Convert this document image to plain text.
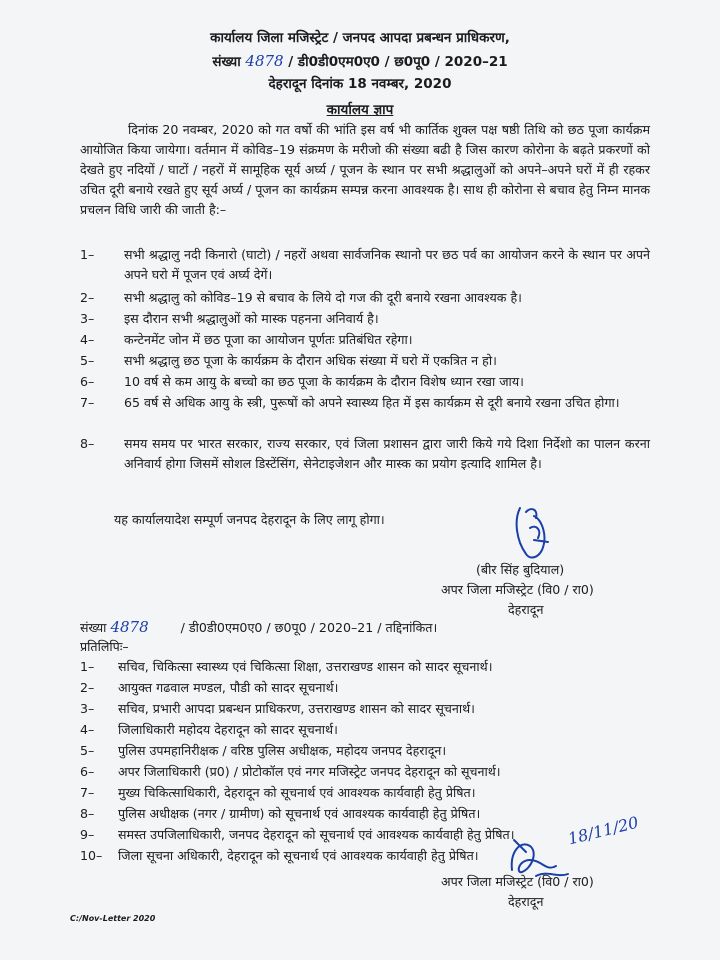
कार्यालय जिला मजिस्ट्रेट / जनपद आपदा प्रबन्धन प्राधिकरण,
संख्या 4878 / डी0डी0एम0ए0 / छ0पू0 / 2020–21
देहरादून दिनांक 18 नवम्बर, 2020
कार्यालय ज्ञाप
दिनांक 20 नवम्बर, 2020 को गत वर्षो की भांति इस वर्ष भी कार्तिक शुक्ल पक्ष षष्ठी तिथि को छठ पूजा कार्यक्रम आयोजित किया जायेगा। वर्तमान में कोविड–19 संक्रमण के मरीजो की संख्या बढी है जिस कारण कोरोना के बढ़ते प्रकरणों को देखते हुए नदियों / घाटों / नहरों में सामूहिक सूर्य अर्घ्य / पूजन के स्थान पर सभी श्रद्धालुओं को अपने–अपने घरों में ही रहकर उचित दूरी बनाये रखते हुए सूर्य अर्घ्य / पूजन का कार्यक्रम सम्पन्न करना आवश्यक है। साथ ही कोरोना से बचाव हेतु निम्न मानक प्रचलन विधि जारी की जाती है:–
1– सभी श्रद्धालु नदी किनारो (घाटो) / नहरों अथवा सार्वजनिक स्थानो पर छठ पर्व का आयोजन करने के स्थान पर अपने अपने घरो में पूजन एवं अर्घ्य देगें।
2– सभी श्रद्धालु को कोविड–19 से बचाव के लिये दो गज की दूरी बनाये रखना आवश्यक है।
3– इस दौरान सभी श्रद्धालुओं को मास्क पहनना अनिवार्य है।
4– कन्टेनमेंट जोन में छठ पूजा का आयोजन पूर्णतः प्रतिबंधित रहेगा।
5– सभी श्रद्धालु छठ पूजा के कार्यक्रम के दौरान अधिक संख्या में घरो में एकत्रित न हो।
6– 10 वर्ष से कम आयु के बच्चो का छठ पूजा के कार्यक्रम के दौरान विशेष ध्यान रखा जाय।
7– 65 वर्ष से अधिक आयु के स्त्री, पुरूषों को अपने स्वास्थ्य हित में इस कार्यक्रम से दूरी बनाये रखना उचित होगा।
8– समय समय पर भारत सरकार, राज्य सरकार, एवं जिला प्रशासन द्वारा जारी किये गये दिशा निर्देशो का पालन करना अनिवार्य होगा जिसमें सोशल डिस्टेंसिंग, सेनेटाइजेशन और मास्क का प्रयोग इत्यादि शामिल है।
यह कार्यालयादेश सम्पूर्ण जनपद देहरादून के लिए लागू होगा।
(बीर सिंह बुदियाल)
अपर जिला मजिस्ट्रेट (वि0 / रा0)
देहरादून
संख्या 4878	/ डी0डी0एम0ए0 / छ0पू0 / 2020–21 / तद्दिनांकित।
प्रतिलिपिः–
1– सचिव, चिकित्सा स्वास्थ्य एवं चिकित्सा शिक्षा, उत्तराखण्ड शासन को सादर सूचनार्थ।
2– आयुक्त गढवाल मण्डल, पौडी को सादर सूचनार्थ।
3– सचिव, प्रभारी आपदा प्रबन्धन प्राधिकरण, उत्तराखण्ड शासन को सादर सूचनार्थ।
4– जिलाधिकारी महोदय देहरादून को सादर सूचनार्थ।
5– पुलिस उपमहानिरीक्षक / वरिष्ठ पुलिस अधीक्षक, महोदय जनपद देहरादून।
6– अपर जिलाधिकारी (प्र0) / प्रोटोकॉल एवं नगर मजिस्ट्रेट जनपद देहरादून को सूचनार्थ।
7– मुख्य चिकित्साधिकारी, देहरादून को सूचनार्थ एवं आवश्यक कार्यवाही हेतु प्रेषित।
8– पुलिस अधीक्षक (नगर / ग्रामीण) को सूचनार्थ एवं आवश्यक कार्यवाही हेतु प्रेषित।
9– समस्त उपजिलाधिकारी, जनपद देहरादून को सूचनार्थ एवं आवश्यक कार्यवाही हेतु प्रेषित।
10– जिला सूचना अधिकारी, देहरादून को सूचनार्थ एवं आवश्यक कार्यवाही हेतु प्रेषित।
18/11/20
अपर जिला मजिस्ट्रेट (वि0 / रा0)
देहरादून
C:/Nov-Letter 2020
